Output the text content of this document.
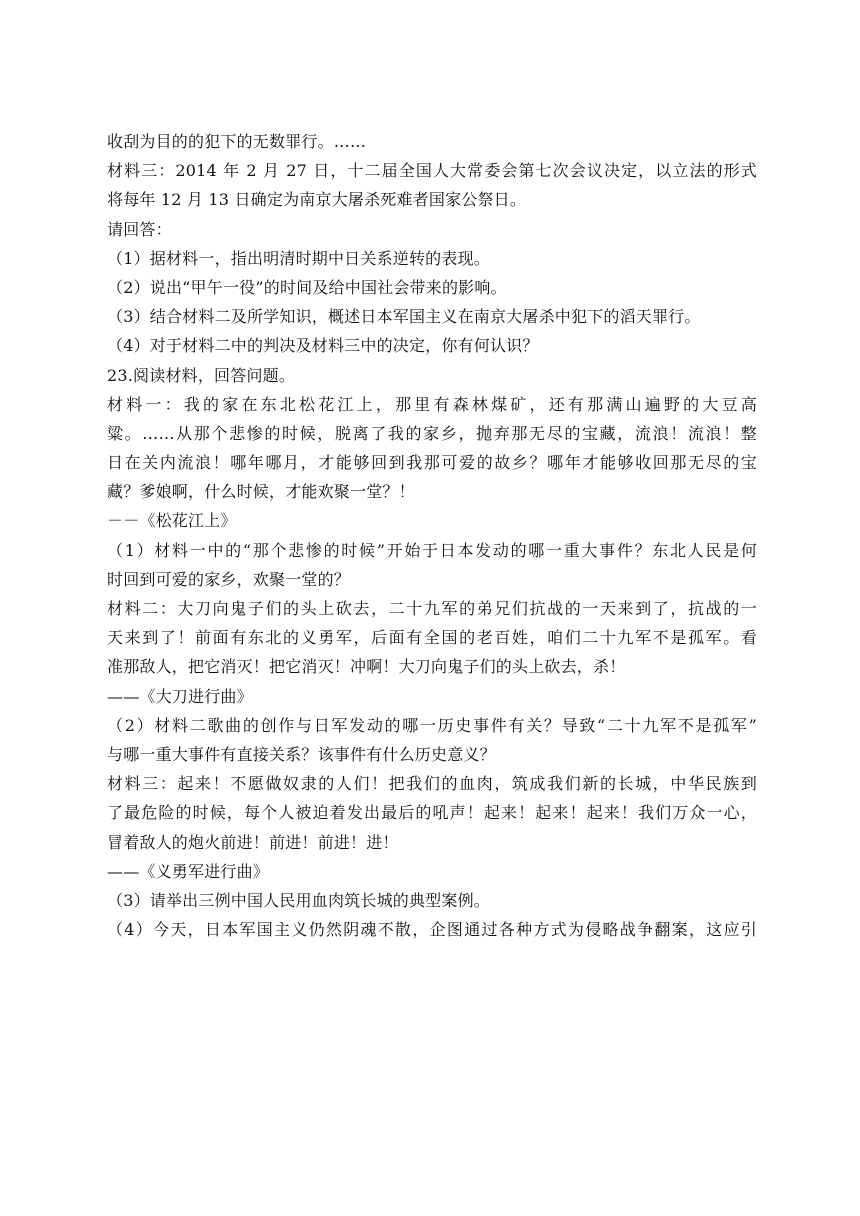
收刮为目的的犯下的无数罪行。……
材料三：2014 年 2 月 27 日，十二届全国人大常委会第七次会议决定，以立法的形式
将每年 12 月 13 日确定为南京大屠杀死难者国家公祭日。
请回答：
（1）据材料一，指出明清时期中日关系逆转的表现。
（2）说出“甲午一役”的时间及给中国社会带来的影响。
（3）结合材料二及所学知识，概述日本军国主义在南京大屠杀中犯下的滔天罪行。
（4）对于材料二中的判决及材料三中的决定，你有何认识？
23.阅读材料，回答问题。
材料一：我的家在东北松花江上，那里有森林煤矿，还有那满山遍野的大豆高
粱。……从那个悲惨的时候，脱离了我的家乡，抛弃那无尽的宝藏，流浪！流浪！整
日在关内流浪！哪年哪月，才能够回到我那可爱的故乡？哪年才能够收回那无尽的宝
藏？爹娘啊，什么时候，才能欢聚一堂？！
－－《松花江上》
（1）材料一中的“那个悲惨的时候”开始于日本发动的哪一重大事件？东北人民是何
时回到可爱的家乡，欢聚一堂的？
材料二：大刀向鬼子们的头上砍去，二十九军的弟兄们抗战的一天来到了，抗战的一
天来到了！前面有东北的义勇军，后面有全国的老百姓，咱们二十九军不是孤军。看
准那敌人，把它消灭！把它消灭！冲啊！大刀向鬼子们的头上砍去，杀！
——《大刀进行曲》
（2）材料二歌曲的创作与日军发动的哪一历史事件有关？导致“二十九军不是孤军”
与哪一重大事件有直接关系？该事件有什么历史意义？
材料三：起来！不愿做奴隶的人们！把我们的血肉，筑成我们新的长城，中华民族到
了最危险的时候，每个人被迫着发出最后的吼声！起来！起来！起来！我们万众一心，
冒着敌人的炮火前进！前进！前进！进！
——《义勇军进行曲》
（3）请举出三例中国人民用血肉筑长城的典型案例。
（4）今天，日本军国主义仍然阴魂不散，企图通过各种方式为侵略战争翻案，这应引
